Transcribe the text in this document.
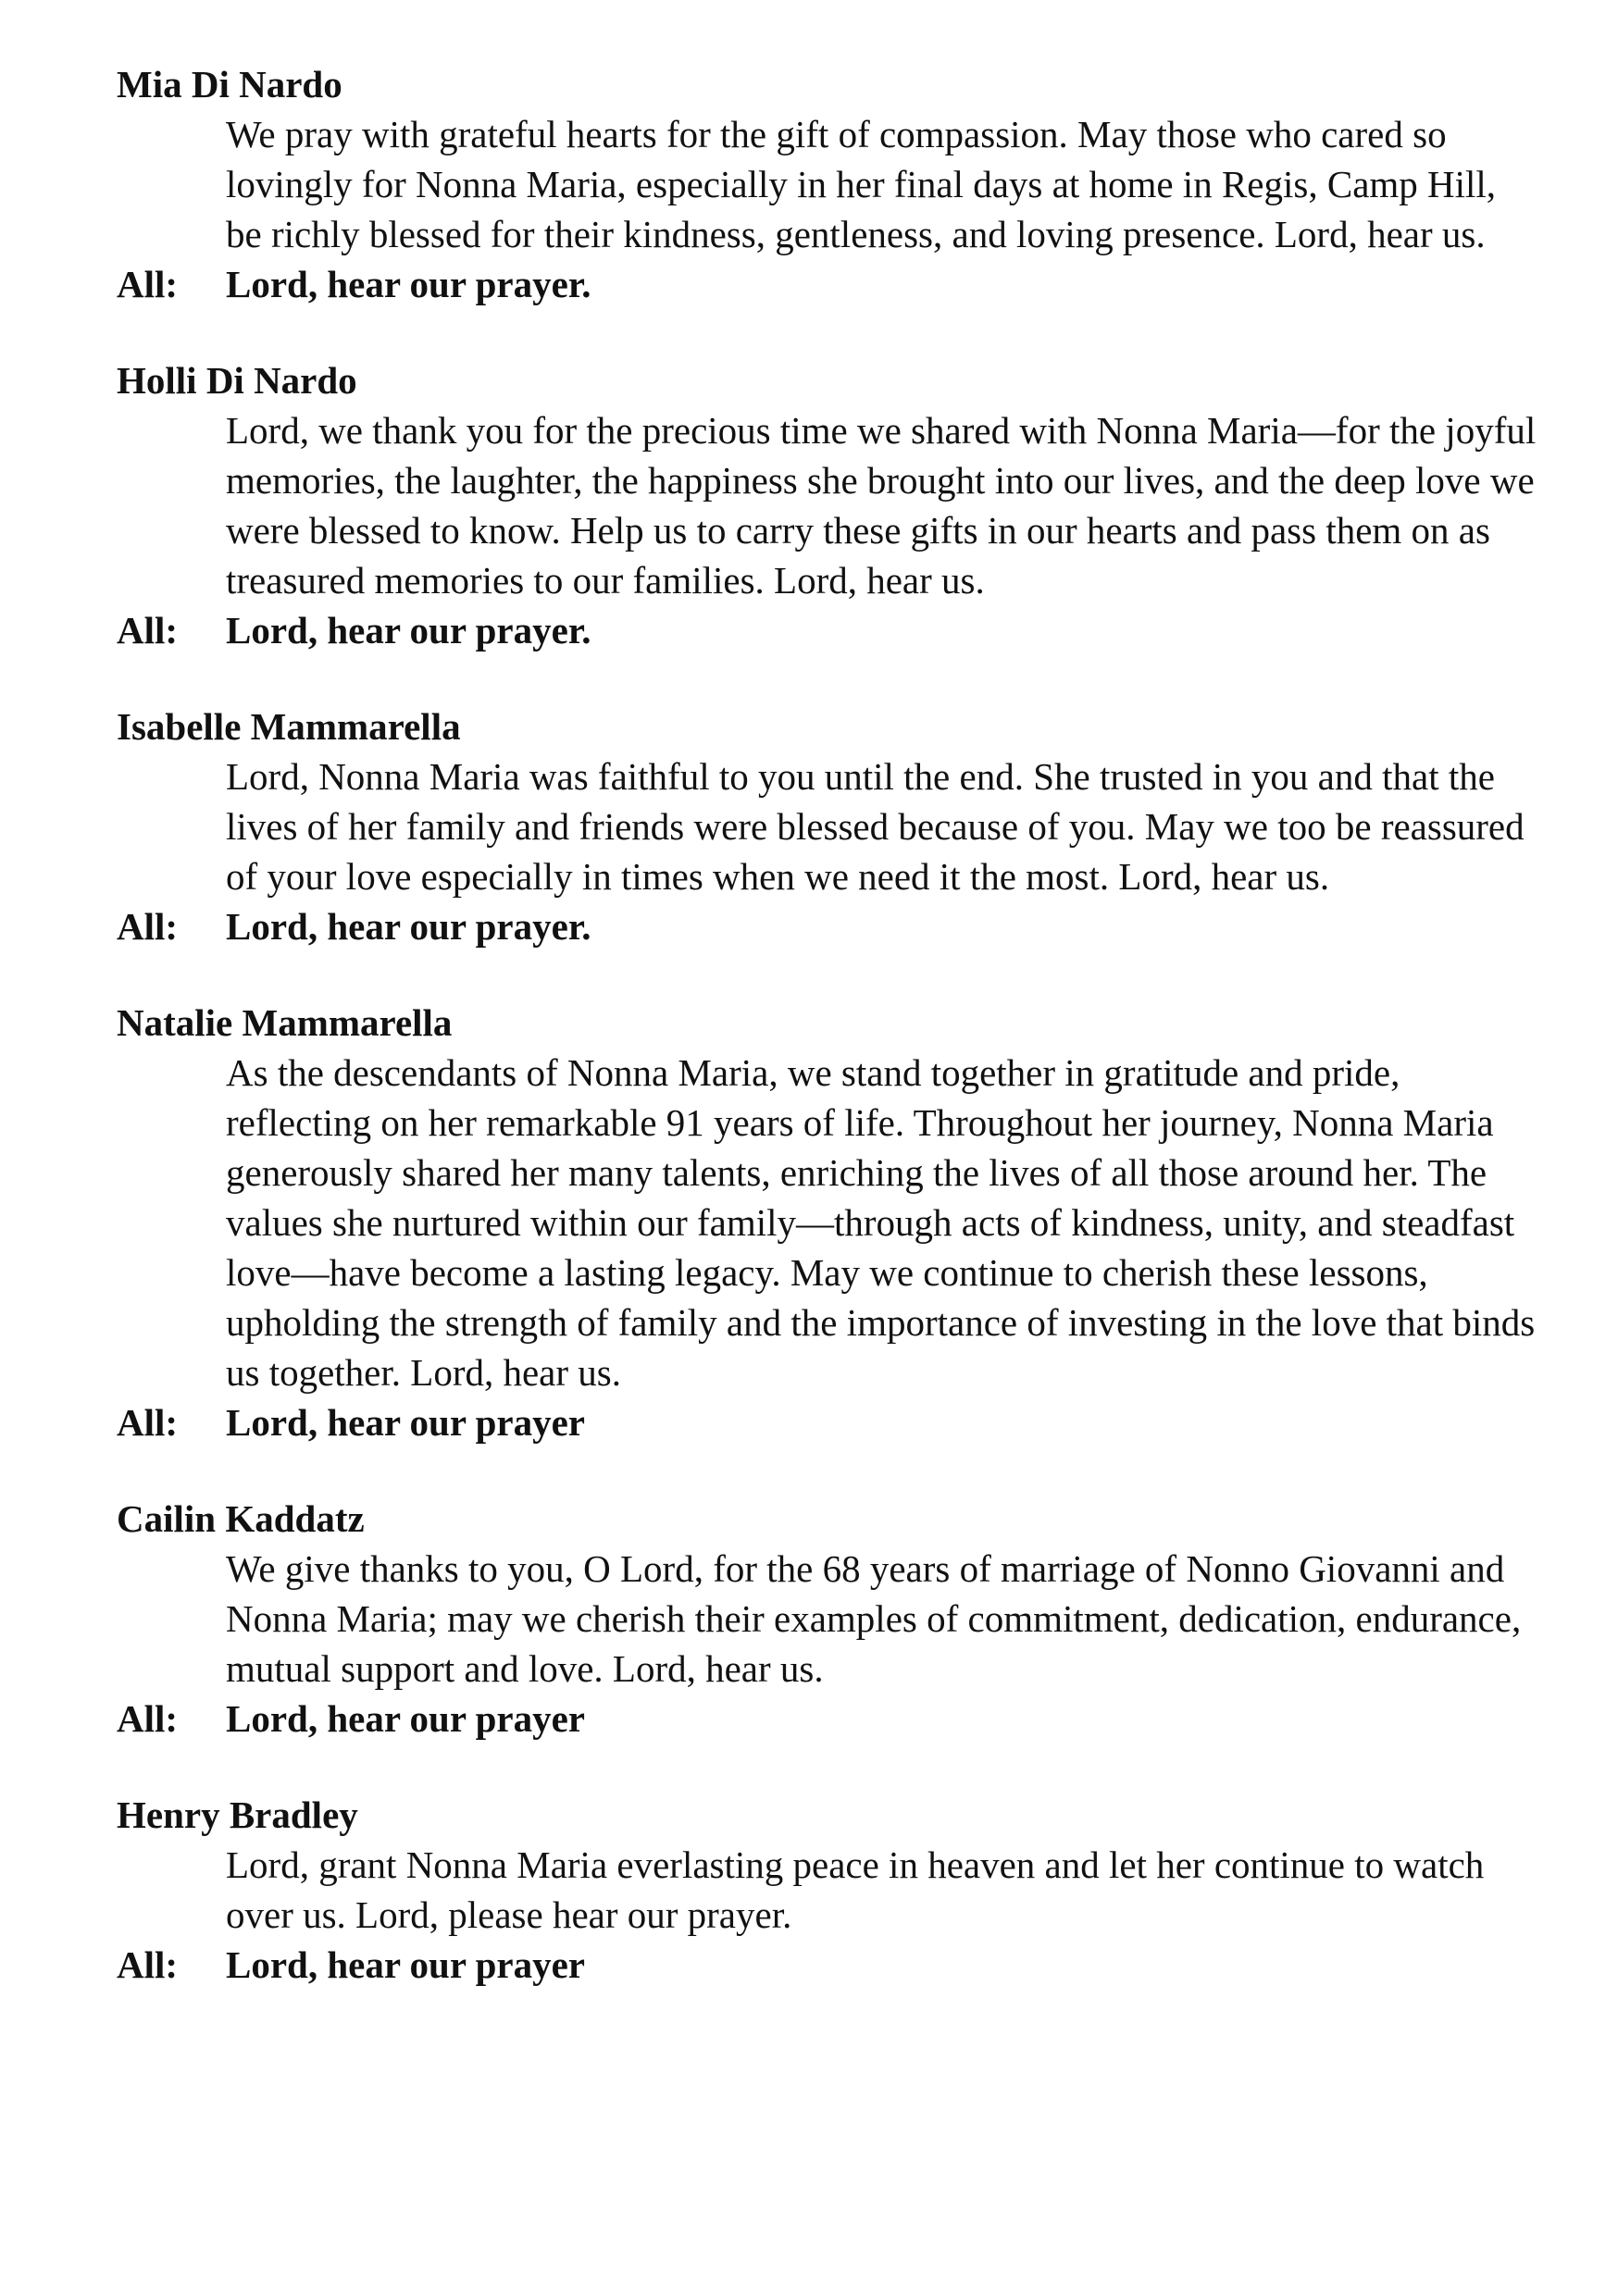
Mia Di Nardo

We pray with grateful hearts for the gift of compassion. May those who cared so lovingly for Nonna Maria, especially in her final days at home in Regis, Camp Hill, be richly blessed for their kindness, gentleness, and loving presence. Lord, hear us.

All:	Lord, hear our prayer.

Holli Di Nardo

Lord, we thank you for the precious time we shared with Nonna Maria—for the joyful memories, the laughter, the happiness she brought into our lives, and the deep love we were blessed to know. Help us to carry these gifts in our hearts and pass them on as treasured memories to our families. Lord, hear us.

All:	Lord, hear our prayer.

Isabelle Mammarella

Lord, Nonna Maria was faithful to you until the end. She trusted in you and that the lives of her family and friends were blessed because of you. May we too be reassured of your love especially in times when we need it the most. Lord, hear us.

All:	Lord, hear our prayer.

Natalie Mammarella

As the descendants of Nonna Maria, we stand together in gratitude and pride, reflecting on her remarkable 91 years of life. Throughout her journey, Nonna Maria generously shared her many talents, enriching the lives of all those around her. The values she nurtured within our family—through acts of kindness, unity, and steadfast love—have become a lasting legacy. May we continue to cherish these lessons, upholding the strength of family and the importance of investing in the love that binds us together. Lord, hear us.

All:	Lord, hear our prayer

Cailin Kaddatz

We give thanks to you, O Lord, for the 68 years of marriage of Nonno Giovanni and Nonna Maria; may we cherish their examples of commitment, dedication, endurance, mutual support and love. Lord, hear us.

All:	Lord, hear our prayer

Henry Bradley

Lord, grant Nonna Maria everlasting peace in heaven and let her continue to watch over us. Lord, please hear our prayer.

All:	Lord, hear our prayer
